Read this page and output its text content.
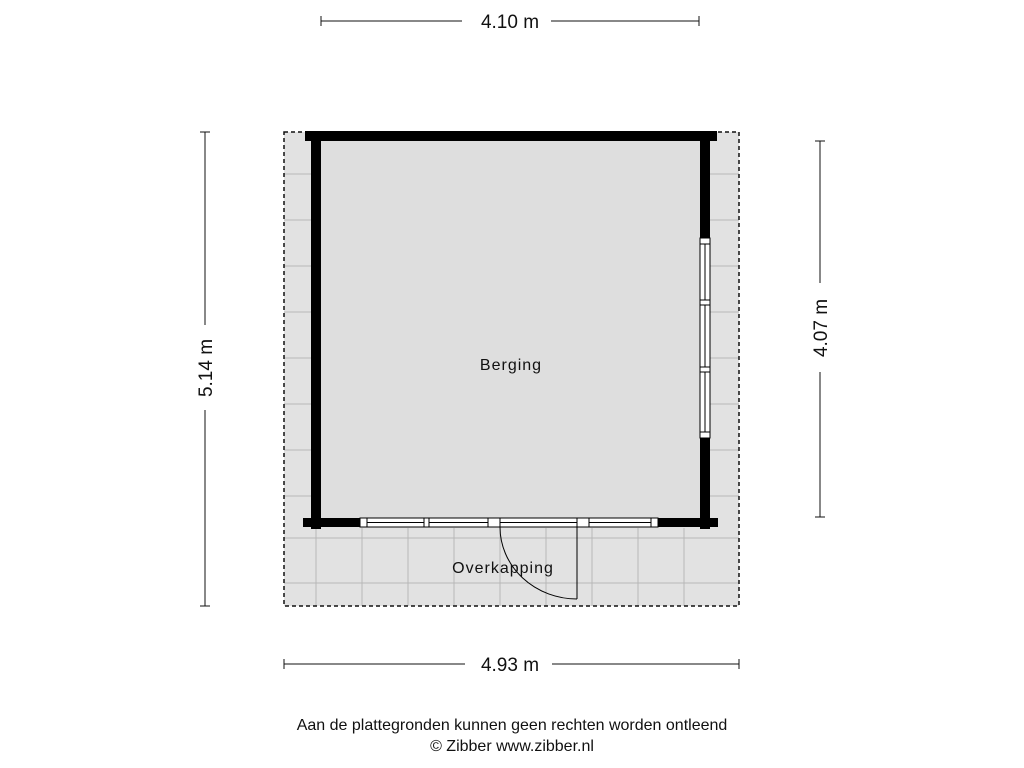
Berging
Overkapping
4.10 m
4.93 m
5.14 m
4.07 m
Aan de plattegronden kunnen geen rechten worden ontleend
© Zibber www.zibber.nl
